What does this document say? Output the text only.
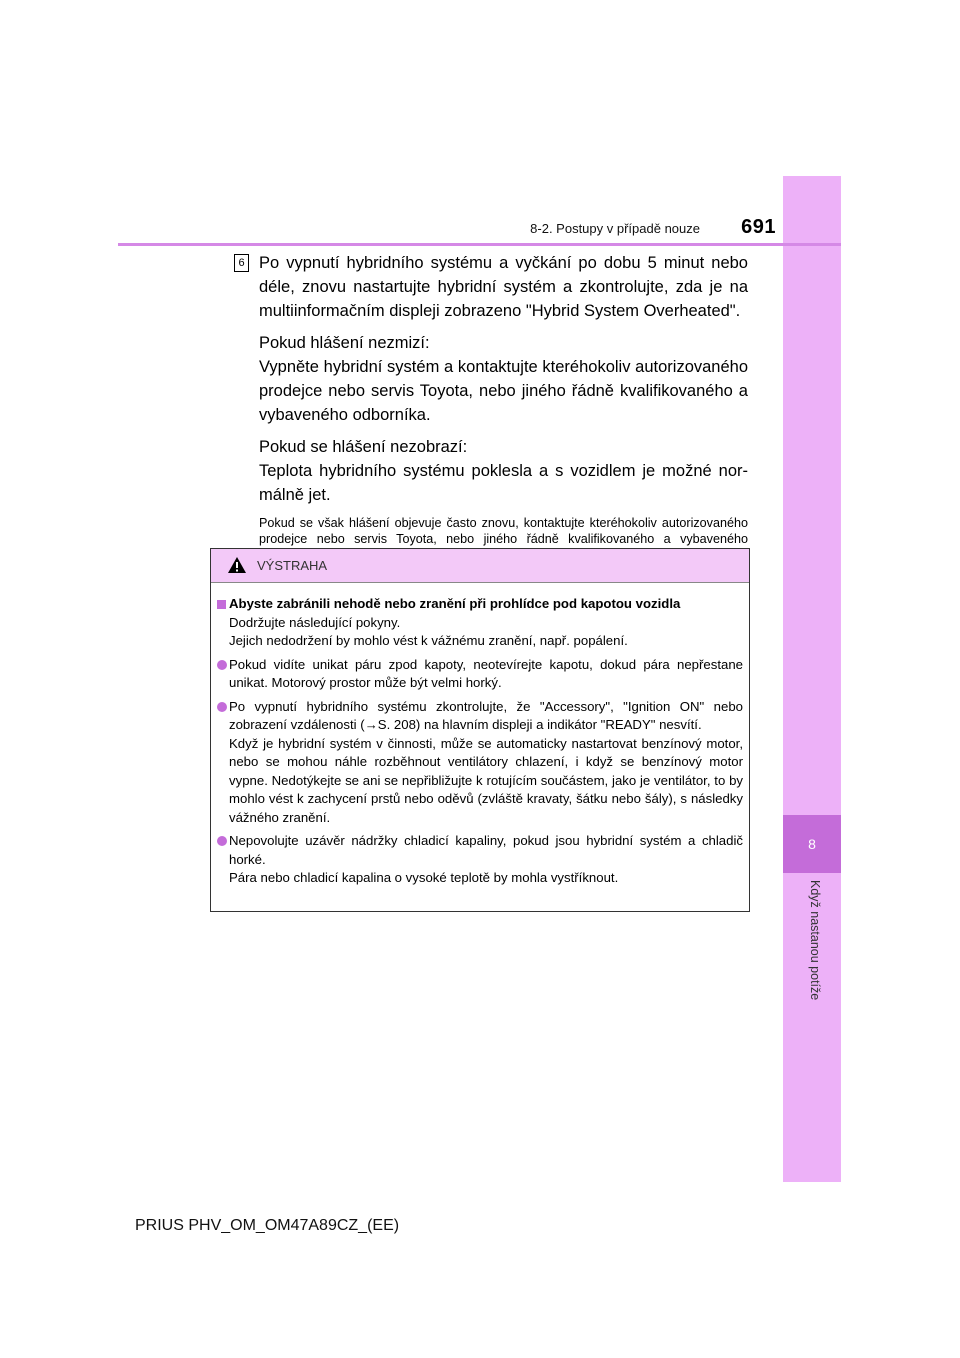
8
Když nastanou potíže
8-2. Postupy v případě nouze	691
6 Po vypnutí hybridního systému a vyčkání po dobu 5 minut nebo déle, znovu nastartujte hybridní systém a zkontrolujte, zda je na multiinformačním displeji zobrazeno "Hybrid System Overheated".

Pokud hlášení nezmizí:

Vypněte hybridní systém a kontaktujte kteréhokoliv autorizovaného prodejce nebo servis Toyota, nebo jiného řádně kvalifikovaného a vybaveného odborníka.

Pokud se hlášení nezobrazí:

Teplota hybridního systému poklesla a s vozidlem je možné normálně jet.

Pokud se však hlášení objevuje často znovu, kontaktujte kteréhokoliv autorizovaného prodejce nebo servis Toyota, nebo jiného řádně kvalifikovaného a vybaveného

VÝSTRAHA
Abyste zabránili nehodě nebo zranění při prohlídce pod kapotou vozidla
Dodržujte následující pokyny.
Jejich nedodržení by mohlo vést k vážnému zranění, např. popálení.
Pokud vidíte unikat páru zpod kapoty, neotevírejte kapotu, dokud pára nepřestane unikat. Motorový prostor může být velmi horký.
Po vypnutí hybridního systému zkontrolujte, že "Accessory", "Ignition ON" nebo zobrazení vzdálenosti (→S. 208) na hlavním displeji a indikátor "READY" nesvítí.
Když je hybridní systém v činnosti, může se automaticky nastartovat benzínový motor, nebo se mohou náhle rozběhnout ventilátory chlazení, i když se benzínový motor vypne. Nedotýkejte se ani se nepřibližujte k rotujícím součástem, jako je ventilátor, to by mohlo vést k zachycení prstů nebo oděvů (zvláště kravaty, šátku nebo šály), s následky vážného zranění.
Nepovolujte uzávěr nádržky chladicí kapaliny, pokud jsou hybridní systém a chladič horké.
Pára nebo chladicí kapalina o vysoké teplotě by mohla vystříknout.
PRIUS PHV_OM_OM47A89CZ_(EE)
